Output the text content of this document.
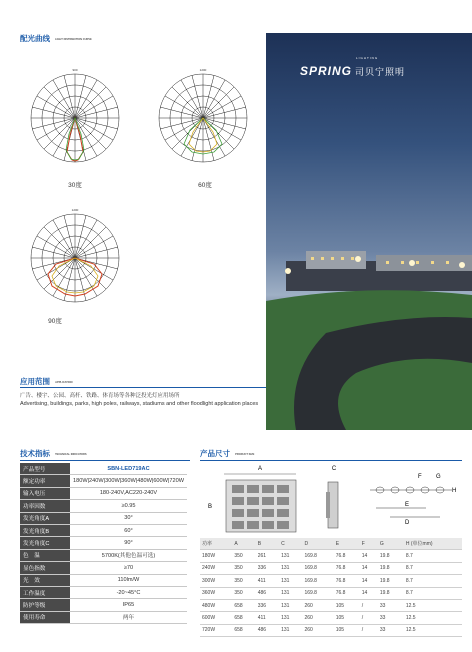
配光曲线 LIGHT DISTRIBUTION CURVE
900
30度
1200
60度
1200
90度
LIGHTING
SPRING 司贝宁照明
应用范围 APPLICATION
广告、楼宇、公园、高杆、铁路、体育场等各种泛投光灯应用场所
Advertising, buildings, parks, high poles, railways, stadiums and other floodlight application places
技术指标 TECHNICAL INDICATORS
产品型号	SBN-LED719AC
额定功率	180W|240W|300W|360W|480W|600W|720W
输入电压	180-240V,AC220-240V
功率因数	≥0.95
发光角度A	30°
发光角度B	60°
发光角度C	90°
色　温	5700K(其他色温可选)
显色指数	≥70
光　效	110lm/W
工作温度	-20~45°C
防护等级	IP65
使用寿命	两年
产品尺寸 PRODUCT SIZE
A
B
C
F G
H
E
D
功率	A	B	C	D	E	F	G	H (单位mm)
180W	350	261	131	169.8	76.8	14	19.8	8.7
240W	350	336	131	169.8	76.8	14	19.8	8.7
300W	350	411	131	169.8	76.8	14	19.8	8.7
360W	350	486	131	169.8	76.8	14	19.8	8.7
480W	658	336	131	260	105	/	33	12.5
600W	658	411	131	260	105	/	33	12.5
720W	658	486	131	260	105	/	33	12.5
